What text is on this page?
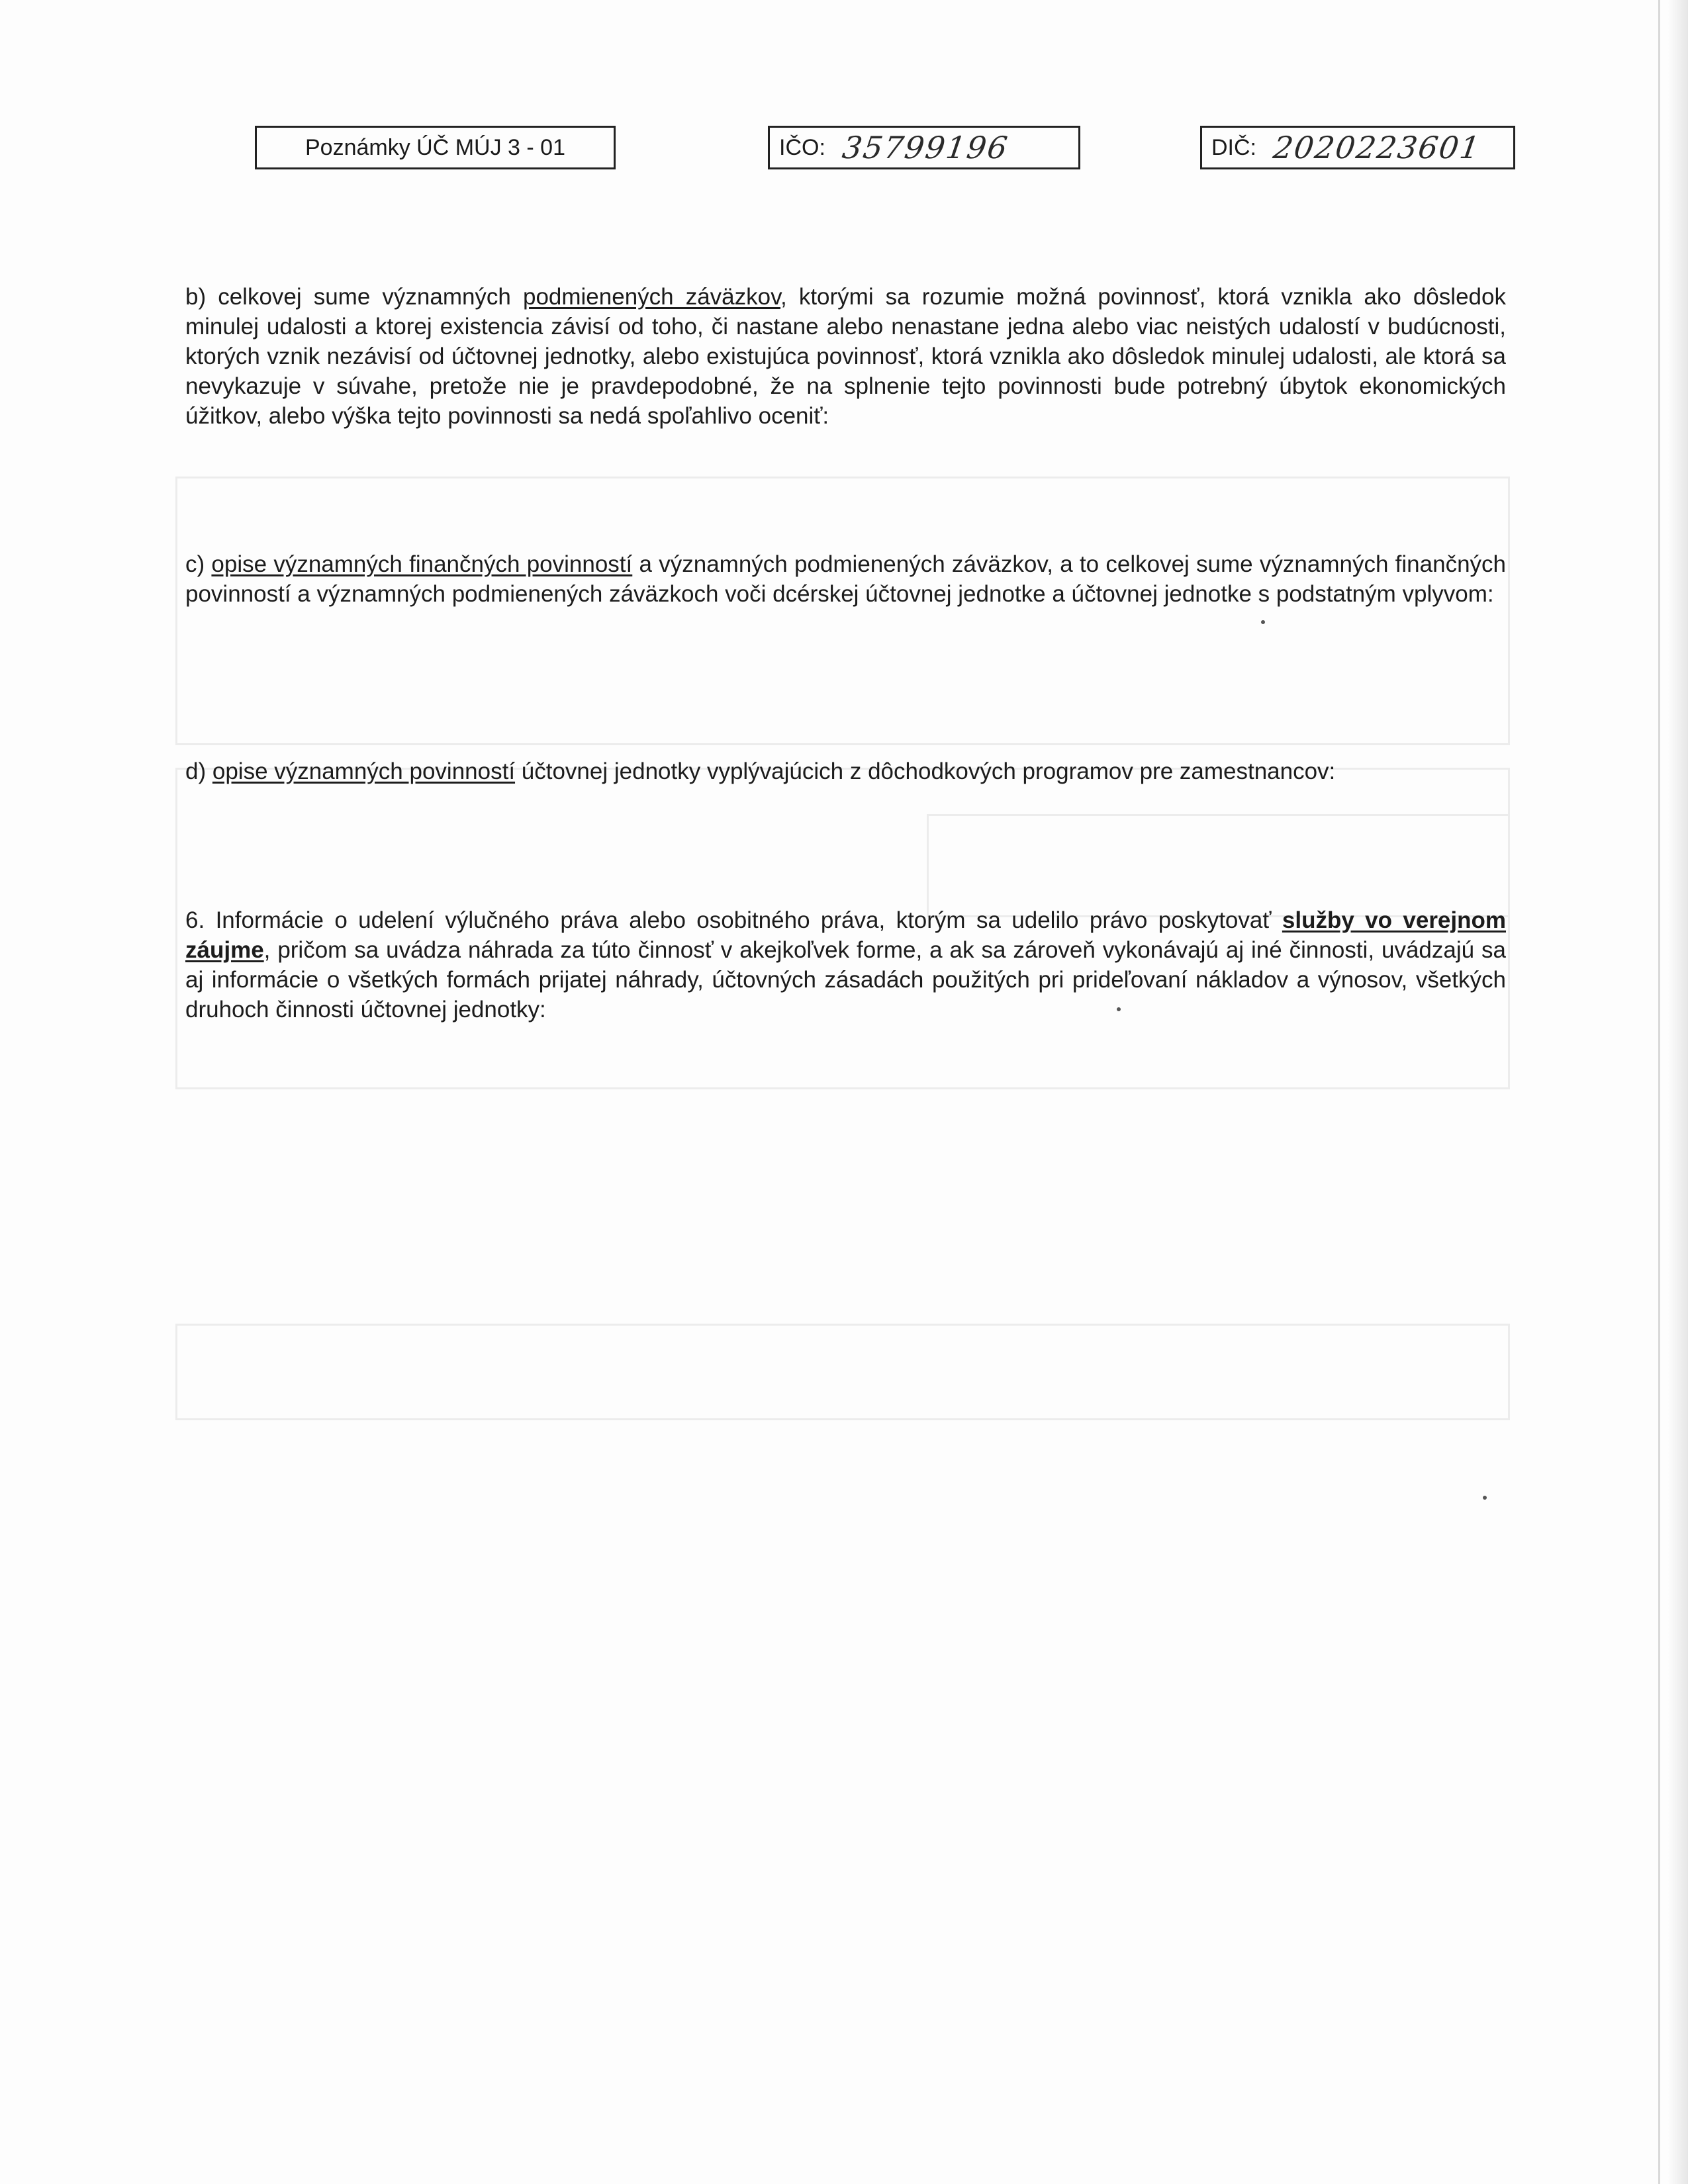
Poznámky ÚČ MÚJ 3 - 01	IČO: 35799196	DIČ: 2020223601
b) celkovej sume významných podmienených záväzkov, ktorými sa rozumie možná povinnosť, ktorá vznikla ako dôsledok minulej udalosti a ktorej existencia závisí od toho, či nastane alebo nenastane jedna alebo viac neistých udalostí v budúcnosti, ktorých vznik nezávisí od účtovnej jednotky, alebo existujúca povinnosť, ktorá vznikla ako dôsledok minulej udalosti, ale ktorá sa nevykazuje v súvahe, pretože nie je pravdepodobné, že na splnenie tejto povinnosti bude potrebný úbytok ekonomických úžitkov, alebo výška tejto povinnosti sa nedá spoľahlivo oceniť:
c) opise významných finančných povinností a významných podmienených záväzkov, a to celkovej sume významných finančných povinností a významných podmienených záväzkoch voči dcérskej účtovnej jednotke a účtovnej jednotke s podstatným vplyvom:
d) opise významných povinností účtovnej jednotky vyplývajúcich z dôchodkových programov pre zamestnancov:
6. Informácie o udelení výlučného práva alebo osobitného práva, ktorým sa udelilo právo poskytovať služby vo verejnom záujme, pričom sa uvádza náhrada za túto činnosť v akejkoľvek forme, a ak sa zároveň vykonávajú aj iné činnosti, uvádzajú sa aj informácie o všetkých formách prijatej náhrady, účtovných zásadách použitých pri prideľovaní nákladov a výnosov, všetkých druhoch činnosti účtovnej jednotky:
